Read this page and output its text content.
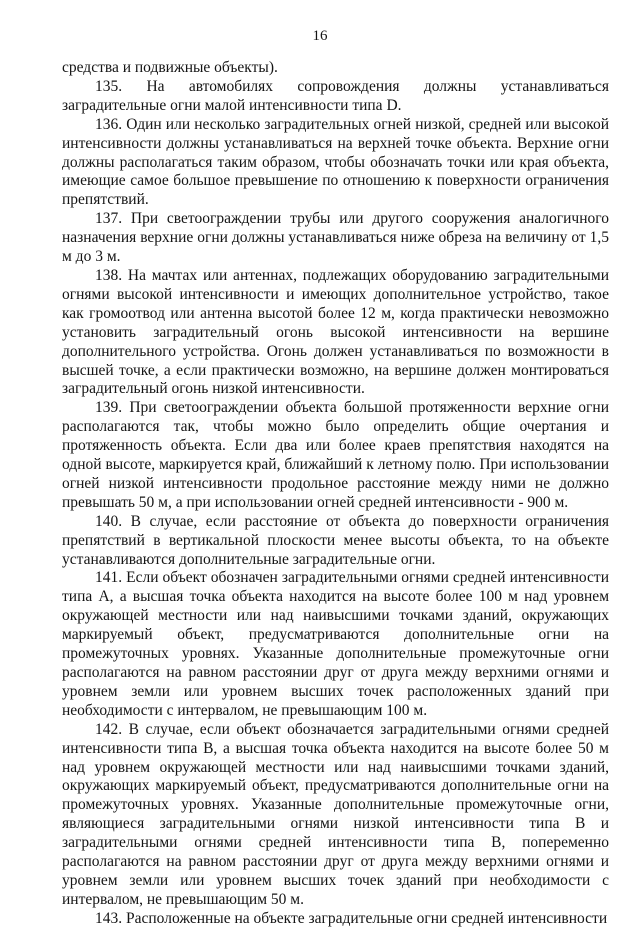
16

средства и подвижные объекты).

135. На автомобилях сопровождения должны устанавливаться заградительные огни малой интенсивности типа D.

136. Один или несколько заградительных огней низкой, средней или высокой интенсивности должны устанавливаться на верхней точке объекта. Верхние огни должны располагаться таким образом, чтобы обозначать точки или края объекта, имеющие самое большое превышение по отношению к поверхности ограничения препятствий.

137. При светоограждении трубы или другого сооружения аналогичного назначения верхние огни должны устанавливаться ниже обреза на величину от 1,5 м до 3 м.

138. На мачтах или антеннах, подлежащих оборудованию заградительными огнями высокой интенсивности и имеющих дополнительное устройство, такое как громоотвод или антенна высотой более 12 м, когда практически невозможно установить заградительный огонь высокой интенсивности на вершине дополнительного устройства. Огонь должен устанавливаться по возможности в высшей точке, а если практически возможно, на вершине должен монтироваться заградительный огонь низкой интенсивности.

139. При светоограждении объекта большой протяженности верхние огни располагаются так, чтобы можно было определить общие очертания и протяженность объекта. Если два или более краев препятствия находятся на одной высоте, маркируется край, ближайший к летному полю. При использовании огней низкой интенсивности продольное расстояние между ними не должно превышать 50 м, а при использовании огней средней интенсивности - 900 м.

140. В случае, если расстояние от объекта до поверхности ограничения препятствий в вертикальной плоскости менее высоты объекта, то на объекте устанавливаются дополнительные заградительные огни.

141. Если объект обозначен заградительными огнями средней интенсивности типа А, а высшая точка объекта находится на высоте более 100 м над уровнем окружающей местности или над наивысшими точками зданий, окружающих маркируемый объект, предусматриваются дополнительные огни на промежуточных уровнях. Указанные дополнительные промежуточные огни располагаются на равном расстоянии друг от друга между верхними огнями и уровнем земли или уровнем высших точек расположенных зданий при необходимости с интервалом, не превышающим 100 м.

142. В случае, если объект обозначается заградительными огнями средней интенсивности типа В, а высшая точка объекта находится на высоте более 50 м над уровнем окружающей местности или над наивысшими точками зданий, окружающих маркируемый объект, предусматриваются дополнительные огни на промежуточных уровнях. Указанные дополнительные промежуточные огни, являющиеся заградительными огнями низкой интенсивности типа В и заградительными огнями средней интенсивности типа В, попеременно располагаются на равном расстоянии друг от друга между верхними огнями и уровнем земли или уровнем высших точек зданий при необходимости с интервалом, не превышающим 50 м.

143. Расположенные на объекте заградительные огни средней интенсивности
